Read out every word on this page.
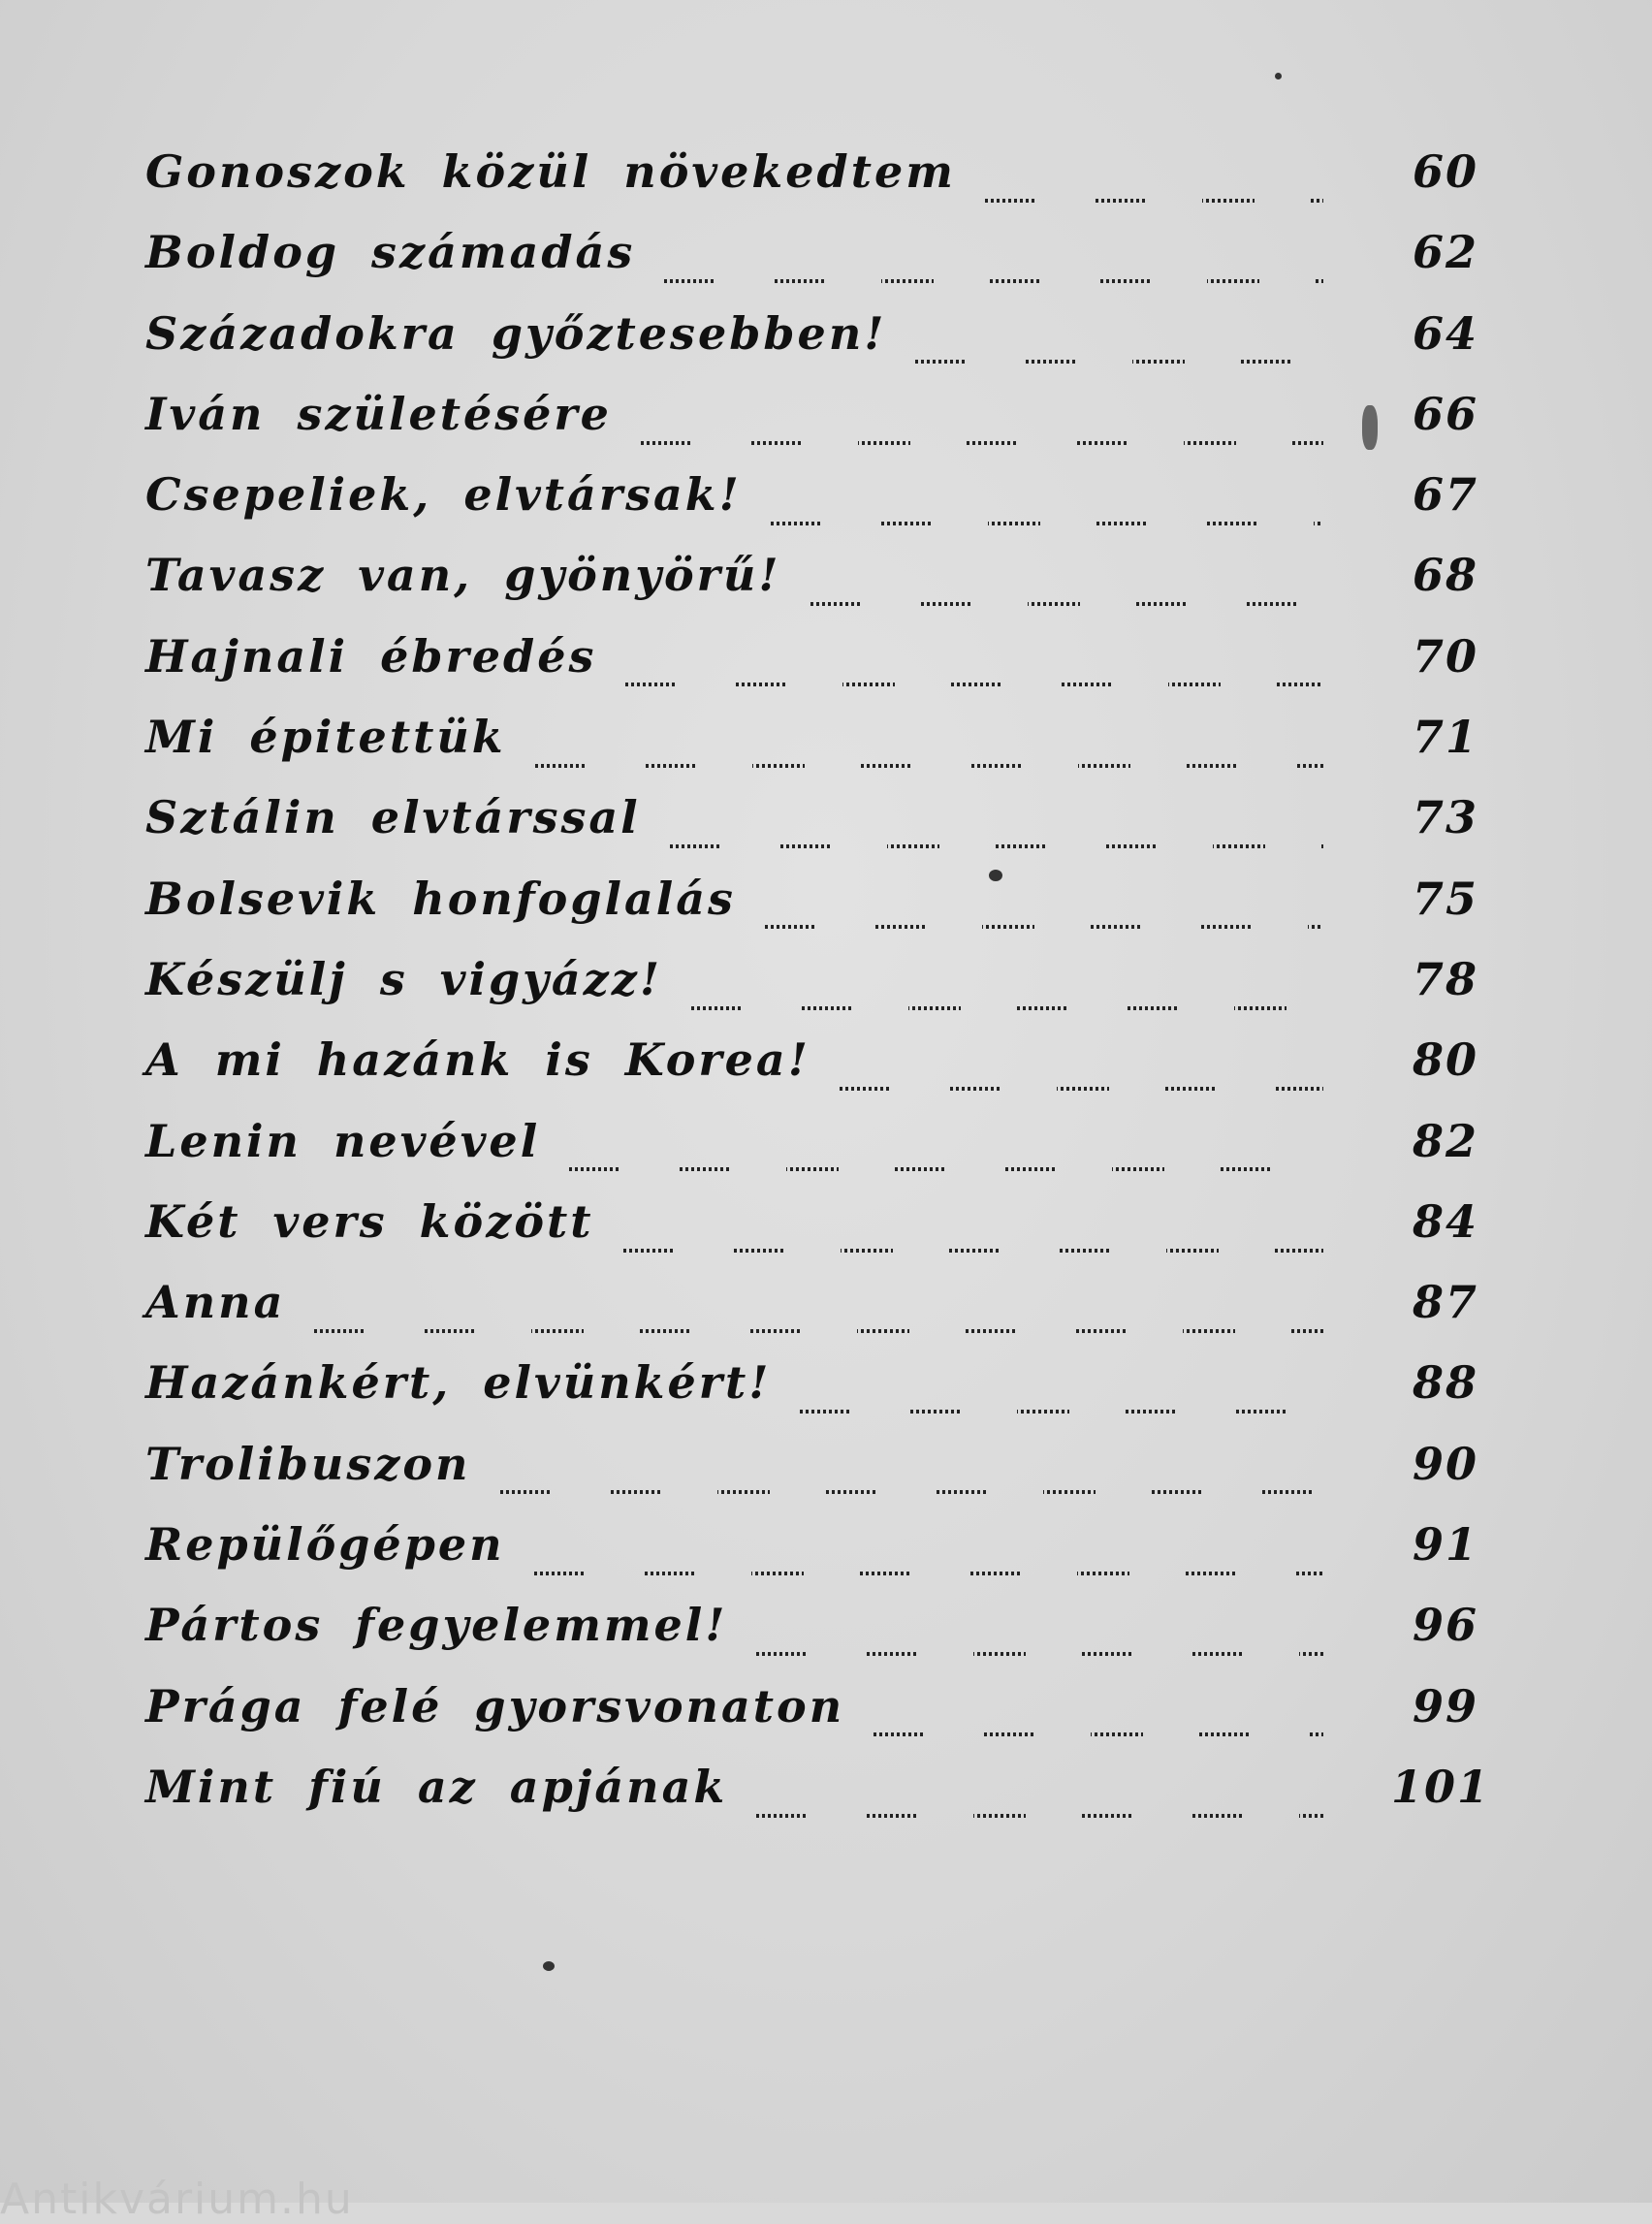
Gonoszok közül növekedtem	60
Boldog számadás	62
Századokra győztesebben!	64
Iván születésére	66
Csepeliek, elvtársak!	67
Tavasz van, gyönyörű!	68
Hajnali ébredés	70
Mi épitettük	71
Sztálin elvtárssal	73
Bolsevik honfoglalás	75
Készülj s vigyázz!	78
A mi hazánk is Korea!	80
Lenin nevével	82
Két vers között	84
Anna	87
Hazánkért, elvünkért!	88
Trolibuszon	90
Repülőgépen	91
Pártos fegyelemmel!	96
Prága felé gyorsvonaton	99
Mint fiú az apjának	101
Antikvárium.hu
